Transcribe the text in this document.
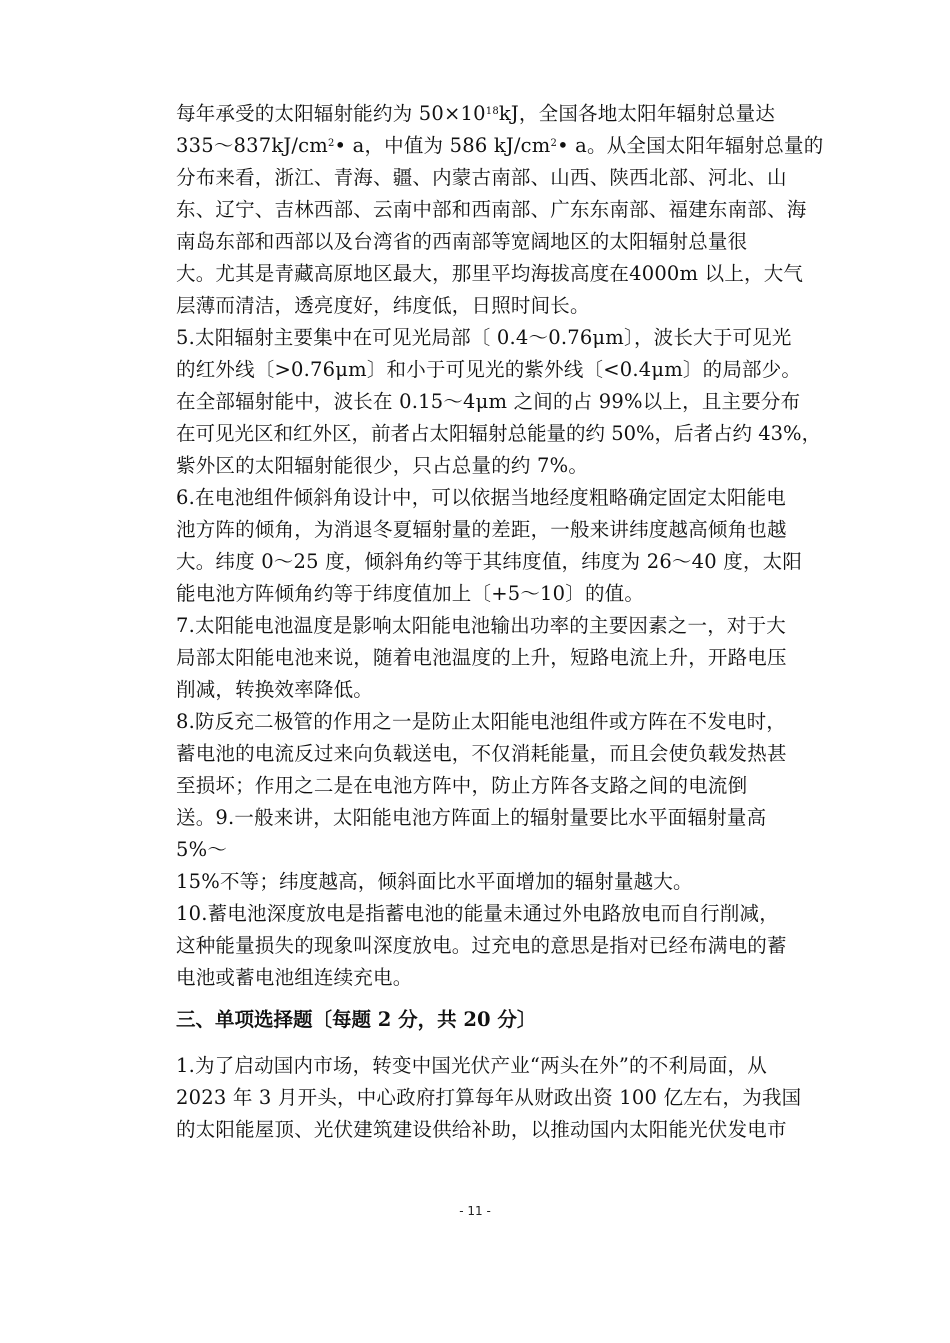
每年承受的太阳辐射能约为 $50\times 10^{18}kJ$，全国各地太阳年辐射总量达
$335\sim 837kJ/cm^2•$ a，中值为 586 $kJ/cm^2•$ a。从全国太阳年辐射总量的
分布来看，浙江、青海、疆、内蒙古南部、山西、陕西北部、河北、山
东、辽宁、吉林西部、云南中部和西南部、广东东南部、福建东南部、海
南岛东部和西部以及台湾省的西南部等宽阔地区的太阳辐射总量很
大。尤其是青藏高原地区最大，那里平均海拔高度在4000m 以上，大气
层薄而清洁，透亮度好，纬度低，日照时间长。
5.太阳辐射主要集中在可见光局部〔 0.4～0.76μm〕，波长大于可见光
的红外线〔>0.76μm〕和小于可见光的紫外线〔<0.4μm〕的局部少。
在全部辐射能中，波长在 0.15～4μm 之间的占 99%以上，且主要分布
在可见光区和红外区，前者占太阳辐射总能量的约 50%，后者占约 43%，
紫外区的太阳辐射能很少，只占总量的约 7%。
6.在电池组件倾斜角设计中，可以依据当地经度粗略确定固定太阳能电
池方阵的倾角，为消退冬夏辐射量的差距，一般来讲纬度越高倾角也越
大。纬度 0～25 度，倾斜角约等于其纬度值，纬度为 26～40 度，太阳
能电池方阵倾角约等于纬度值加上〔+5～10〕的值。
7.太阳能电池温度是影响太阳能电池输出功率的主要因素之一，对于大
局部太阳能电池来说，随着电池温度的上升，短路电流上升，开路电压
削减，转换效率降低。
8.防反充二极管的作用之一是防止太阳能电池组件或方阵在不发电时，
蓄电池的电流反过来向负载送电，不仅消耗能量，而且会使负载发热甚
至损坏；作用之二是在电池方阵中，防止方阵各支路之间的电流倒
送。9.一般来讲，太阳能电池方阵面上的辐射量要比水平面辐射量高
5%～
15%不等；纬度越高，倾斜面比水平面增加的辐射量越大。
10.蓄电池深度放电是指蓄电池的能量未通过外电路放电而自行削减，
这种能量损失的现象叫深度放电。过充电的意思是指对已经布满电的蓄
电池或蓄电池组连续充电。
三、单项选择题〔每题 2 分，共 20 分〕
1.为了启动国内市场，转变中国光伏产业“两头在外”的不利局面，从
2023 年 3 月开头，中心政府打算每年从财政出资 100 亿左右，为我国
的太阳能屋顶、光伏建筑建设供给补助，以推动国内太阳能光伏发电市
- 11 -
